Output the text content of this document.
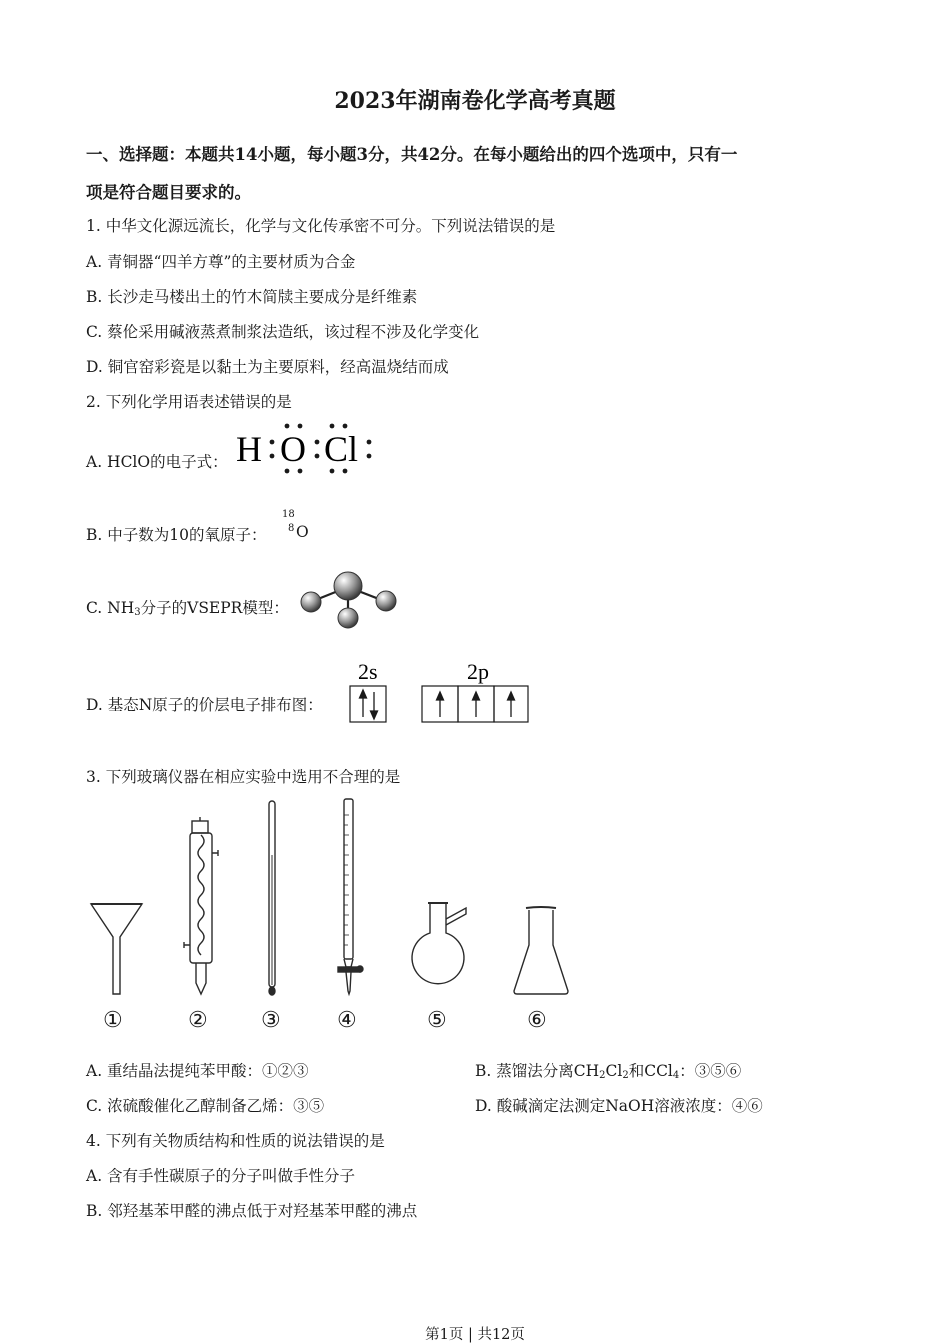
2023年湖南卷化学高考真题
一、选择题：本题共14小题，每小题3分，共42分。在每小题给出的四个选项中，只有一
项是符合题目要求的。
1. 中华文化源远流长，化学与文化传承密不可分。下列说法错误的是
A. 青铜器“四羊方尊”的主要材质为合金
B. 长沙走马楼出土的竹木简牍主要成分是纤维素
C. 蔡伦采用碱液蒸煮制浆法造纸，该过程不涉及化学变化
D. 铜官窑彩瓷是以黏土为主要原料，经高温烧结而成
2. 下列化学用语表述错误的是
A. HClO的电子式： H O Cl
B. 中子数为10的氧原子：
18
8 O
C. $NH_3$分子的VSEPR模型：
D. 基态N原子的价层电子排布图：
2s	2p
3. 下列玻璃仪器在相应实验中选用不合理的是
①	② ③	④	⑤	⑥
A. 重结晶法提纯苯甲酸：①②③	B. 蒸馏法分离$CH_2Cl_2$和CCl$_4$：③⑤⑥
C. 浓硫酸催化乙醇制备乙烯：③⑤	D. 酸碱滴定法测定NaOH溶液浓度：④⑥
4. 下列有关物质结构和性质的说法错误的是
A. 含有手性碳原子的分子叫做手性分子
B. 邻羟基苯甲醛的沸点低于对羟基苯甲醛的沸点
第1页 | 共12页
